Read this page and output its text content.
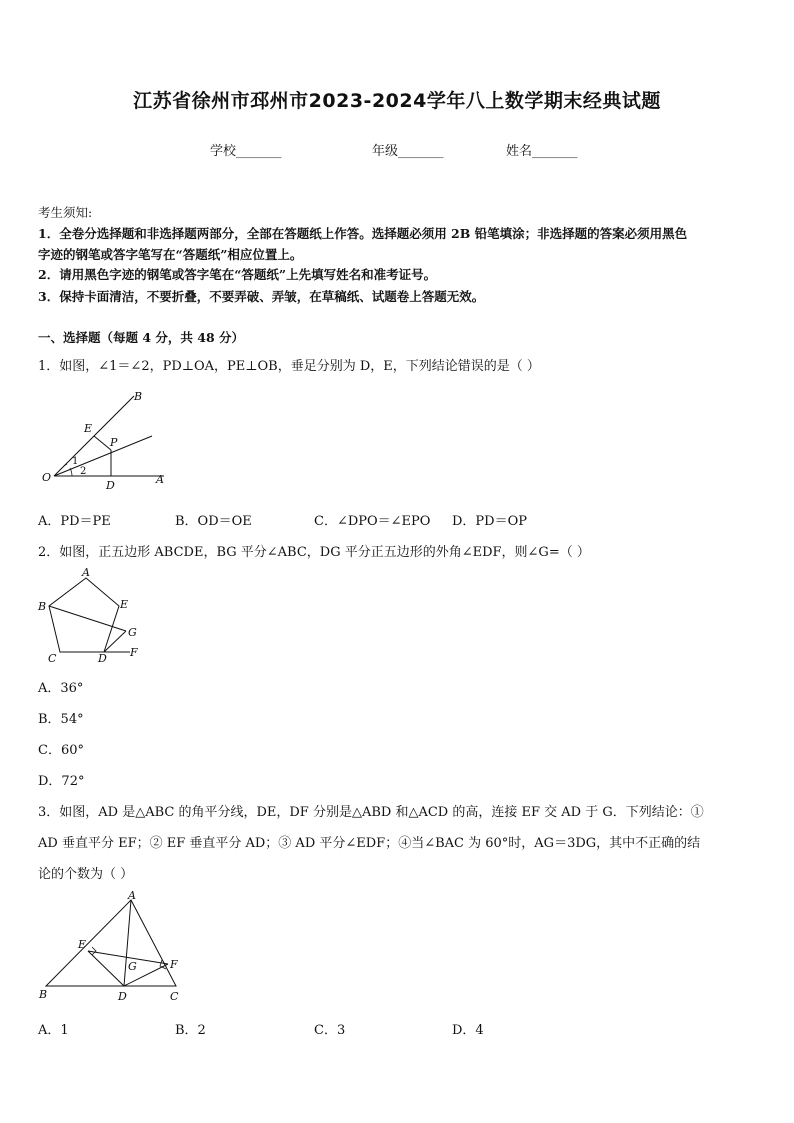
江苏省徐州市邳州市2023-2024学年八上数学期末经典试题
学校_______	年级_______	姓名_______
考生须知:
1．全卷分选择题和非选择题两部分，全部在答题纸上作答。选择题必须用 2B 铅笔填涂；非选择题的答案必须用黑色
字迹的钢笔或答字笔写在“答题纸”相应位置上。
2．请用黑色字迹的钢笔或答字笔在“答题纸”上先填写姓名和准考证号。
3．保持卡面清洁，不要折叠，不要弄破、弄皱，在草稿纸、试题卷上答题无效。
一、选择题（每题 4 分，共 48 分）
1．如图，∠1＝∠2，PD⊥OA，PE⊥OB，垂足分别为 D，E，下列结论错误的是（ ）
B
E
P
O
D	A
1
2
A．PD＝PE	B．OD＝OE	C．∠DPO＝∠EPO D．PD＝OP
2．如图，正五边形 ABCDE，BG 平分∠ABC，DG 平分正五边形的外角∠EDF，则∠G=（ ）
A
B
C	D
E
F
G
A．36°
B．54°
C．60°
D．72°
3．如图，AD 是△ABC 的角平分线，DE，DF 分别是△ABD 和△ACD 的高，连接 EF 交 AD 于 G．下列结论：①
AD 垂直平分 EF；② EF 垂直平分 AD；③ AD 平分∠EDF；④当∠BAC 为 60°时，AG＝3DG，其中不正确的结
论的个数为（ ）
A
E
G	F
B	D	C
A．1	B．2	C．3	D．4
